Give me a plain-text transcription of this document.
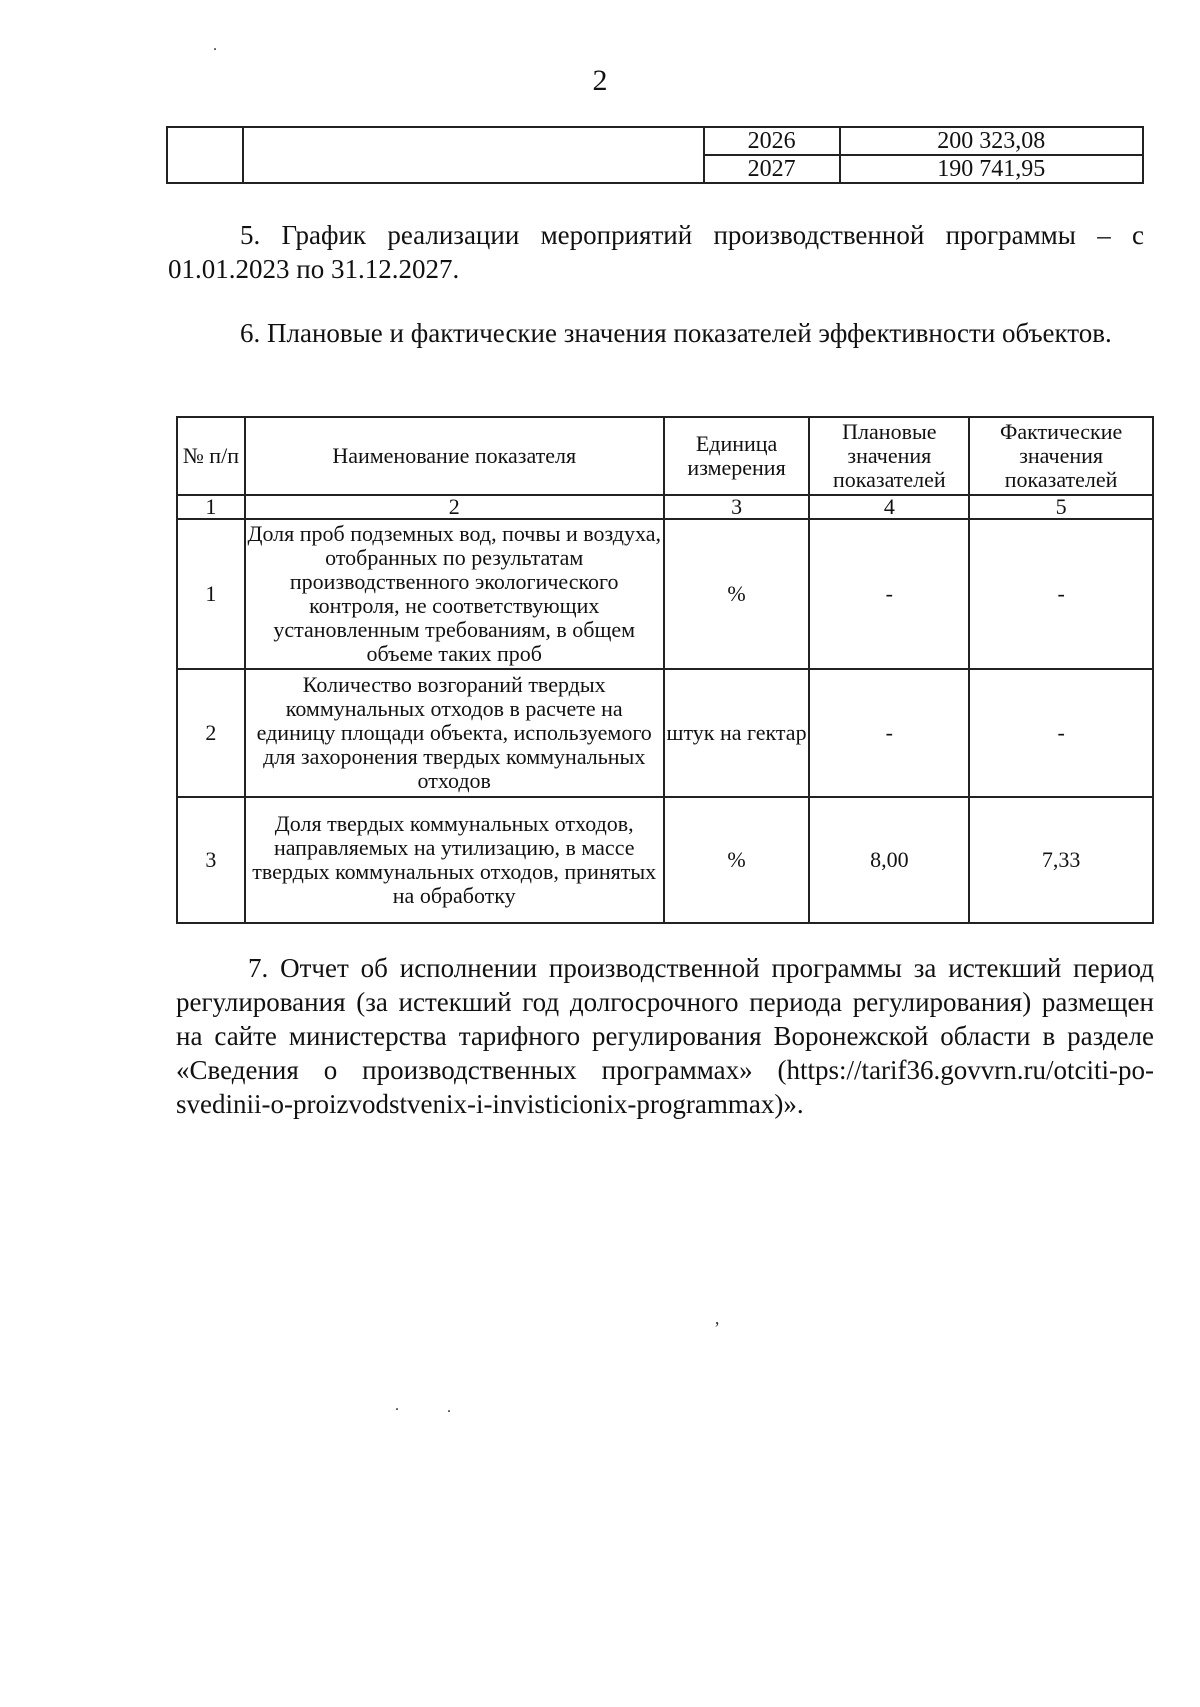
2
		2026	200 323,08
		2027	190 741,95
5. График реализации мероприятий производственной программы – с 01.01.2023 по 31.12.2027.
6. Плановые и фактические значения показателей эффективности объектов.
№ п/п	Наименование показателя	Единица измерения	Плановые значения показателей	Фактические значения показателей
1	2	3	4	5
1	Доля проб подземных вод, почвы и воздуха, отобранных по результатам производственного экологического контроля, не соответствующих установленным требованиям, в общем объеме таких проб	%	-	-
2	Количество возгораний твердых коммунальных отходов в расчете на единицу площади объекта, используемого для захоронения твердых коммунальных отходов	штук на гектар	-	-
3	Доля твердых коммунальных отходов, направляемых на утилизацию, в массе твердых коммунальных отходов, принятых на обработку	%	8,00	7,33
7. Отчет об исполнении производственной программы за истекший период регулирования (за истекший год долгосрочного периода регулирования) размещен на сайте министерства тарифного регулирования Воронежской области в разделе «Сведения о производственных программах» (https://tarif36.govvrn.ru/otciti-po-svedinii-o-proizvodstvenix-i-invisticionix-programmax)».
˙
‚
˙	˙
